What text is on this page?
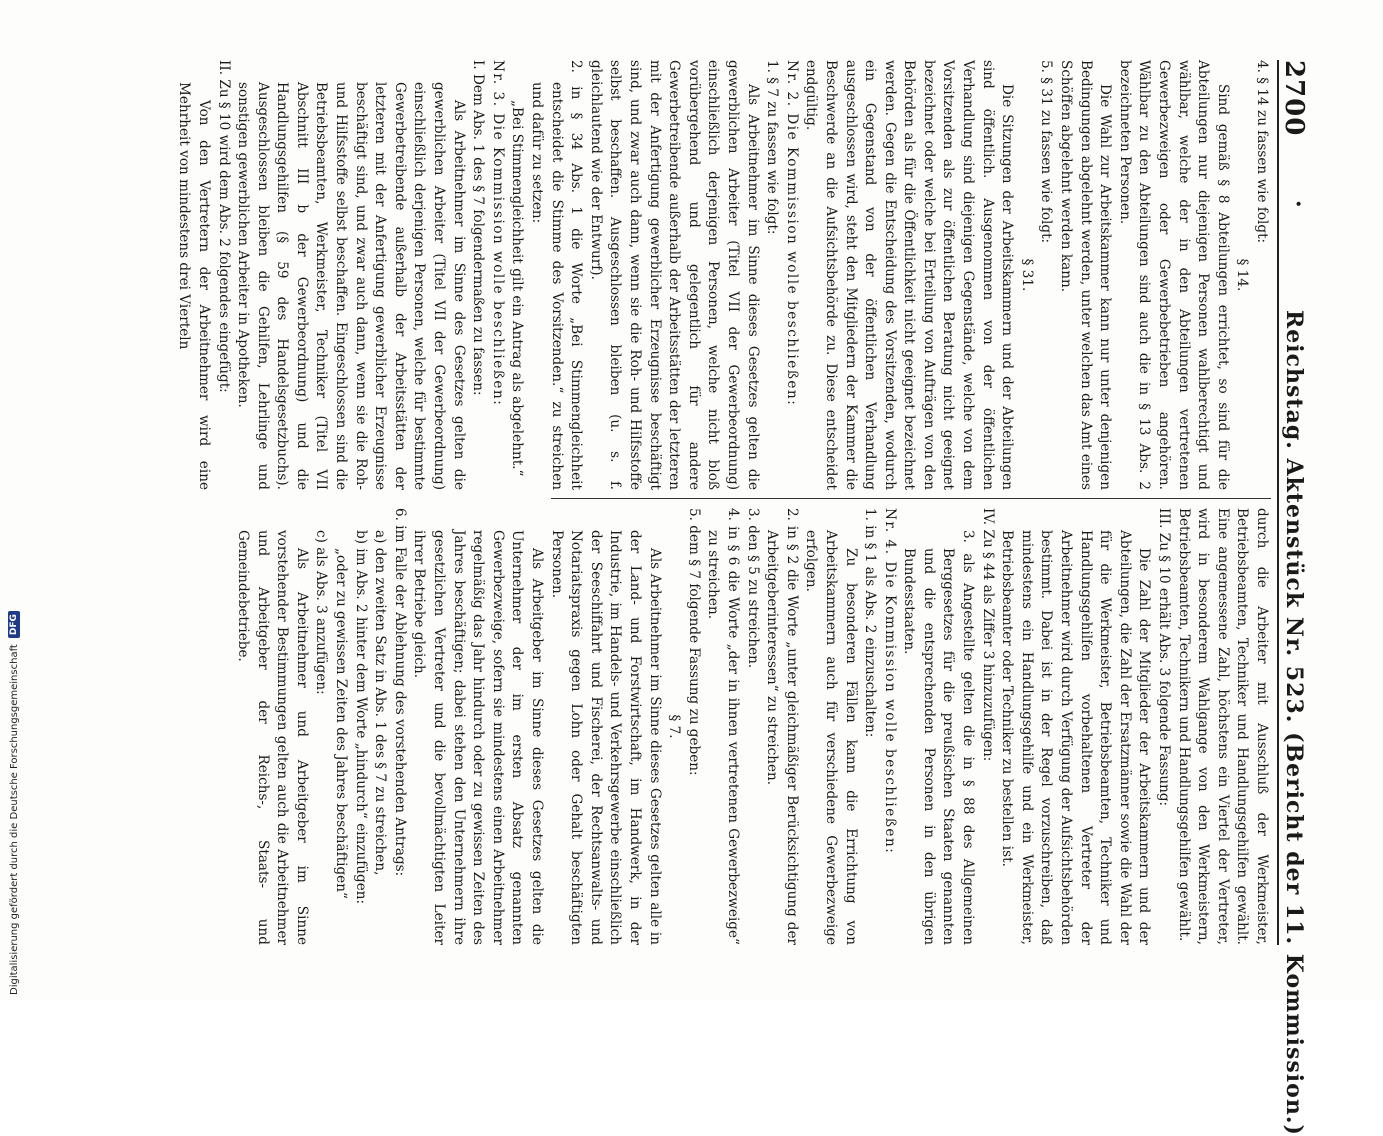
2700
·
Reichstag. Aktenstück Nr. 523. (Bericht der 11. Kommission.)

4. § 14 zu fassen wie folgt:

§ 14.

Sind gemäß § 8 Abteilungen errichtet, so sind für die Abteilungen nur diejenigen Personen wahlberechtigt und wählbar, welche der in den Abteilungen vertretenen Gewerbezweigen oder Gewerbebetrieben angehören. Wählbar zu den Abteilungen sind auch die in § 13 Abs. 2 bezeichneten Personen.

Die Wahl zur Arbeitskammer kann nur unter denjenigen Bedingungen abgelehnt werden, unter welchen das Amt eines Schöffen abgelehnt werden kann.

5. § 31 zu fassen wie folgt:

§ 31.

Die Sitzungen der Arbeitskammern und der Abteilungen sind öffentlich. Ausgenommen von der öffentlichen Verhandlung sind diejenigen Gegenstände, welche von dem Vorsitzenden als zur öffentlichen Beratung nicht geeignet bezeichnet oder welche bei Erteilung von Aufträgen von den Behörden als für die Öffentlichkeit nicht geeignet bezeichnet werden. Gegen die Entscheidung des Vorsitzenden, wodurch ein Gegenstand von der öffentlichen Verhandlung ausgeschlossen wird, steht den Mitgliedern der Kammer die Beschwerde an die Aufsichtsbehörde zu. Diese entscheidet endgültig.

Nr. 2. Die Kommission wolle beschließen:

1. § 7 zu fassen wie folgt:

Als Arbeitnehmer im Sinne dieses Gesetzes gelten die gewerblichen Arbeiter (Titel VII der Gewerbeordnung) einschließlich derjenigen Personen, welche nicht bloß vorübergehend und gelegentlich für andere Gewerbetreibende außerhalb der Arbeitsstätten der letzteren mit der Anfertigung gewerblicher Erzeugnisse beschäftigt sind, und zwar auch dann, wenn sie die Roh- und Hilfsstoffe selbst beschaffen. Ausgeschlossen bleiben (u. s. f. gleichlautend wie der Entwurf).

2. in § 34 Abs. 1 die Worte „Bei Stimmengleichheit entscheidet die Stimme des Vorsitzenden.“ zu streichen und dafür zu setzen:

„Bei Stimmengleichheit gilt ein Antrag als abgelehnt.“

Nr. 3. Die Kommission wolle beschließen:

I. Dem Abs. 1 des § 7 folgendermaßen zu fassen:

Als Arbeitnehmer im Sinne des Gesetzes gelten die gewerblichen Arbeiter (Titel VII der Gewerbeordnung) einschließlich derjenigen Personen, welche für bestimmte Gewerbetreibende außerhalb der Arbeitsstätten der letzteren mit der Anfertigung gewerblicher Erzeugnisse beschäftigt sind, und zwar auch dann, wenn sie die Roh- und Hilfsstoffe selbst beschaffen. Eingeschlossen sind die Betriebsbeamten, Werkmeister, Techniker (Titel VII Abschnitt III b der Gewerbeordnung) und die Handlungsgehilfen (§ 59 des Handelsgesetzbuchs). Ausgeschlossen bleiben die Gehilfen, Lehrlinge und sonstigen gewerblichen Arbeiter in Apotheken.

II. Zu § 10 wird dem Abs. 2 folgendes eingefügt:

Von den Vertretern der Arbeitnehmer wird eine Mehrheit von mindestens drei Vierteln

durch die Arbeiter mit Ausschluß der Werkmeister, Betriebsbeamten, Techniker und Handlungsgehilfen gewählt. Eine angemessene Zahl, höchstens ein Viertel der Vertreter, wird in besonderem Wahlgange von den Werkmeistern, Betriebsbeamten, Technikern und Handlungsgehilfen gewählt.

III. Zu § 10 erhält Abs. 3 folgende Fassung:

Die Zahl der Mitglieder der Arbeitskammern und der Abteilungen, die Zahl der Ersatzmänner sowie die Wahl der für die Werkmeister, Betriebsbeamten, Techniker und Handlungsgehilfen vorbehaltenen Vertreter der Arbeitnehmer wird durch Verfügung der Aufsichtsbehörden bestimmt. Dabei ist in der Regel vorzuschreiben, daß mindestens ein Handlungsgehilfe und ein Werkmeister, Betriebsbeamter oder Techniker zu bestellen ist.

IV. Zu § 44 als Ziffer 3 hinzuzufügen:

3. als Angestellte gelten die in § 88 des Allgemeinen Berggesetzes für die preußischen Staaten genannten und die entsprechenden Personen in den übrigen Bundesstaaten.

Nr. 4. Die Kommission wolle beschließen:

1. in § 1 als Abs. 2 einzuschalten:

Zu besonderen Fällen kann die Errichtung von Arbeitskammern auch für verschiedene Gewerbezweige erfolgen.

2. in § 2 die Worte „unter gleichmäßiger Berücksichtigung der Arbeitgeberinteressen“ zu streichen.

3. den § 5 zu streichen.

4. in § 6 die Worte „der in ihnen vertretenen Gewerbezweige“ zu streichen.

5. dem § 7 folgende Fassung zu geben:

§ 7.

Als Arbeitnehmer im Sinne dieses Gesetzes gelten alle in der Land- und Forstwirtschaft, im Handwerk, in der Industrie, im Handels- und Verkehrsgewerbe einschließlich der Seeschiffahrt und Fischerei, der Rechtsanwalts- und Notariatspraxis gegen Lohn oder Gehalt beschäftigten Personen.

Als Arbeitgeber im Sinne dieses Gesetzes gelten die Unternehmer der im ersten Absatz genannten Gewerbezweige, sofern sie mindestens einen Arbeitnehmer regelmäßig das Jahr hindurch oder zu gewissen Zeiten des Jahres beschäftigen; dabei stehen den Unternehmern ihre gesetzlichen Vertreter und die bevollmächtigten Leiter ihrer Betriebe gleich.

6. im Falle der Ablehnung des vorstehenden Antrags:

a) den zweiten Satz in Abs. 1 des § 7 zu streichen,

b) im Abs. 2 hinter dem Worte „hindurch“ einzufügen:

„oder zu gewissen Zeiten des Jahres beschäftigen“

c) als Abs. 3 anzufügen:

Als Arbeitnehmer und Arbeitgeber im Sinne vorstehender Bestimmungen gelten auch die Arbeitnehmer und Arbeitgeber der Reichs-, Staats- und Gemeindebetriebe.

Digitalisierung gefördert durch die Deutsche Forschungsgemeinschaft
DFG
